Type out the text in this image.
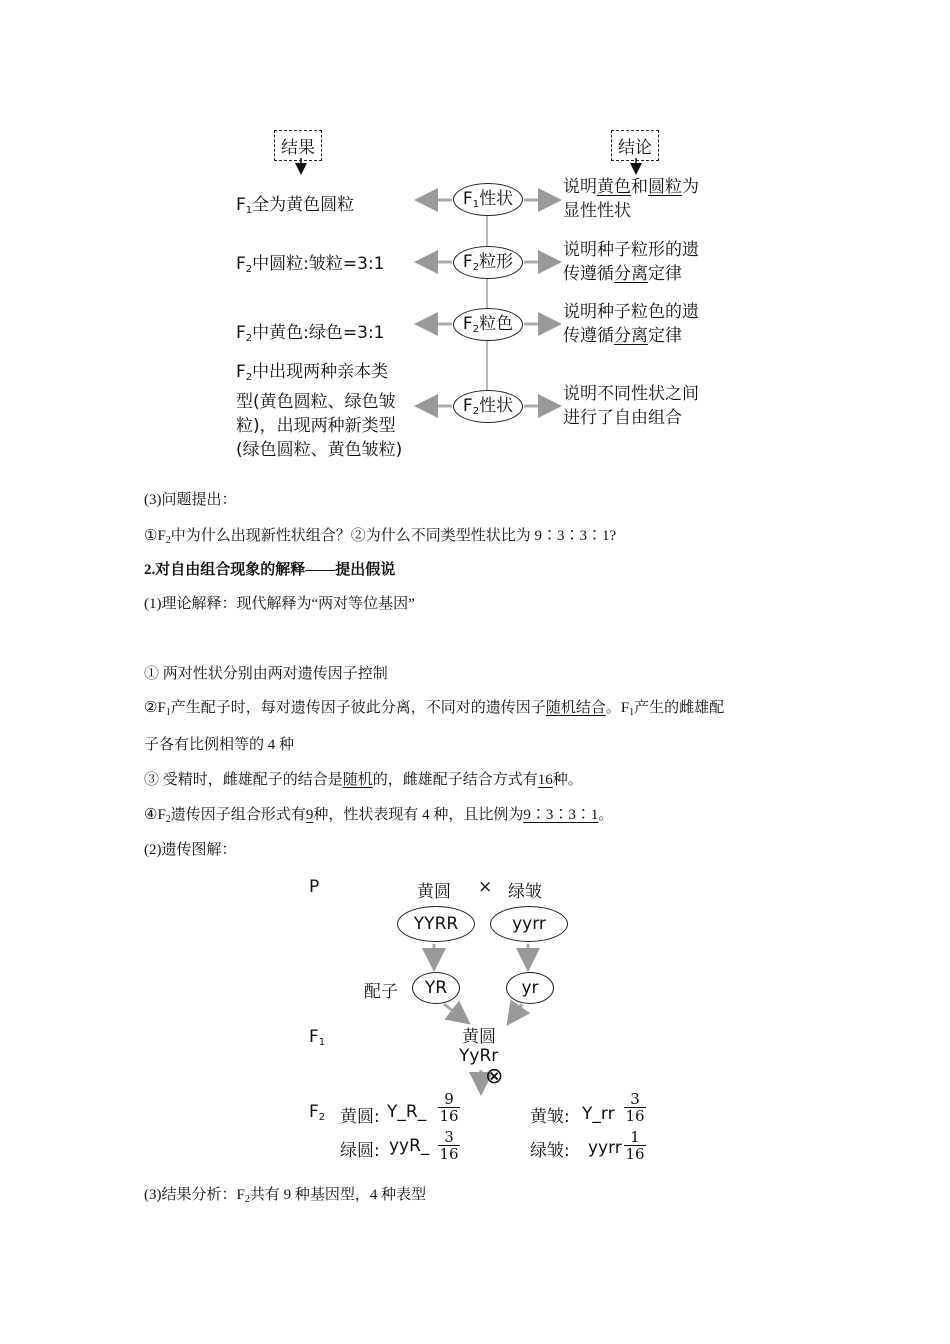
结果	结论
$F_1$性状
$F_2$粒形
$F_2$粒色
$F_2$性状
$F_1$全为黄色圆粒
$F_2$中圆粒:皱粒=3:1
$F_2$中黄色:绿色=3:1
$F_2$中出现两种亲本类
型(黄色圆粒、绿色皱
粒)，出现两种新类型
(绿色圆粒、黄色皱粒)
说明黄色和圆粒为
显性性状
说明种子粒形的遗
传遵循分离定律
说明种子粒色的遗
传遵循分离定律
说明不同性状之间
进行了自由组合
(3)问题提出：
$①F_2$中为什么出现新性状组合？②为什么不同类型性状比为 9∶3∶3∶1?
2.对自由组合现象的解释——提出假说
(1)理论解释：现代解释为“两对等位基因”
① 两对性状分别由两对遗传因子控制
$②F_1$产生配子时，每对遗传因子彼此分离，不同对的遗传因子随机结合。$F_1$产生的雌雄配
子各有比例相等的 4 种
③ 受精时，雌雄配子的结合是随机的，雌雄配子结合方式有16种。
$④F_2$遗传因子组合形式有9种，性状表现有 4 种，且比例为9∶3∶3∶1。
(2)遗传图解：
P	黄圆 × 绿皱
YYRR	yyrr
配子	YR	yr
$F_1$	黄圆
YyRr
⊗
$F_2$ 黄圆: Y_R_ $\frac{9}{16}$
绿圆: yyR_ $\frac{3}{16}$
黄皱: Y_rr $\frac{3}{16}$
绿皱: yyrr $\frac{1}{16}$
(3)结果分析：$F_2$共有 9 种基因型，4 种表型
